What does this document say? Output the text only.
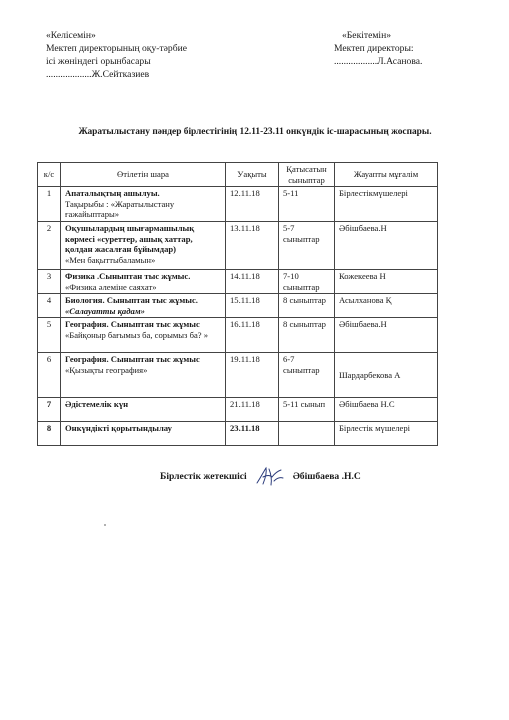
«Келісемін»
Мектеп директорының оқу-тәрбие
ісі жөніндегі орынбасары
...................Ж.Сейтказиев
«Бекітемін»
Мектеп директоры:
..................Л.Асанова.
Жаратылыстану пәндер бірлестігінің 12.11-23.11 онкүндік іс-шарасының жоспары.
к/с	Өтілетін шара	Уақыты	Қатысатын сыныптар	Жауапты мұғалім
1	Апаталықтың ашылуы.
Тақырыбы : «Жаратылыстану ғажайыптары»	12.11.18	5-11	Бірлестікмүшелері
2	Оқушылардың шығармашылық көрмесі «суреттер, ашық хаттар, қолдан жасалған бұйымдар)
«Мен бақыттыбаламын»	13.11.18	5-7 сыныптар	Әбішбаева.Н
3	Физика .Сыныптан тыс жұмыс.
«Физика әлеміне саяхат»	14.11.18	7-10 сыныптар	Кожекеева Н
4	Биология. Сыныптан тыс жұмыс. «Салауатты қадам»	15.11.18	8 сыныптар	Асылханова Қ
5	География. Сыныптан тыс жұмыс «Байқоныр бағымыз ба, сорымыз ба? »	16.11.18	8 сыныптар	Әбішбаева.Н
6	География. Сыныптан тыс жұмыс «Қызықты география»	19.11.18	6-7 сыныптар	Шардарбекова А
7	Әдістемелік күн	21.11.18	5-11 сынып	Әбішбаева Н.С
8	Онкүндікті қорытындылау	23.11.18		Бірлестік мүшелері
Бірлестік жетекшісі	Әбішбаева .Н.С
